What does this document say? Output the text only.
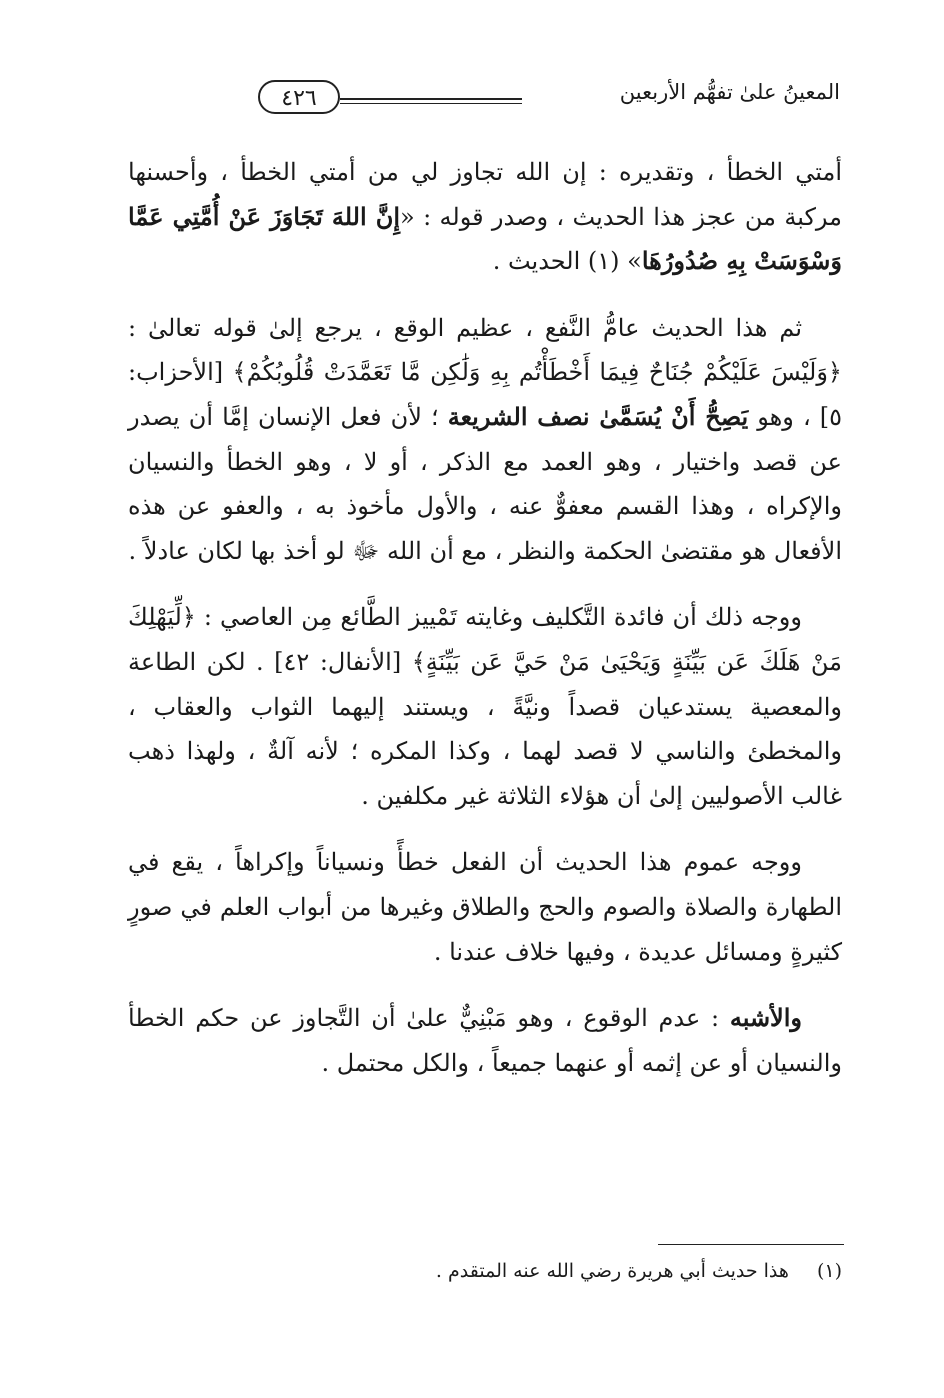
٤٢٦	المعينُ علىٰ تفهُّم الأربعين

أمتي الخطأ ، وتقديره : إن الله تجاوز لي من أمتي الخطأ ، وأحسنها مركبة من عجز هذا الحديث ، وصدر قوله : «إِنَّ اللهَ تَجَاوَزَ عَنْ أُمَّتِي عَمَّا وَسْوَسَتْ بِهِ صُدُورُهَا» (١) الحديث .

ثم هذا الحديث عامُّ النَّفع ، عظيم الوقع ، يرجع إلىٰ قوله تعالىٰ : ﴿وَلَيْسَ عَلَيْكُمْ جُنَاحٌ فِيمَا أَخْطَأْتُم بِهِ وَلَٰكِن مَّا تَعَمَّدَتْ قُلُوبُكُمْ﴾ [الأحزاب: ٥] ، وهو يَصِحُّ أَنْ يُسَمَّىٰ نصف الشريعة ؛ لأن فعل الإنسان إمَّا أن يصدر عن قصد واختيار ، وهو العمد مع الذكر ، أو لا ، وهو الخطأ والنسيان والإكراه ، وهذا القسم معفوٌّ عنه ، والأول مأخوذ به ، والعفو عن هذه الأفعال هو مقتضىٰ الحكمة والنظر ، مع أن الله ﷻ لو أخذ بها لكان عادلاً .

ووجه ذلك أن فائدة التَّكليف وغايته تَمْييز الطَّائع مِن العاصي : ﴿لِّيَهْلِكَ مَنْ هَلَكَ عَن بَيِّنَةٍ وَيَحْيَىٰ مَنْ حَيَّ عَن بَيِّنَةٍ﴾ [الأنفال: ٤٢] . لكن الطاعة والمعصية يستدعيان قصداً ونيَّةً ، ويستند إليهما الثواب والعقاب ، والمخطئ والناسي لا قصد لهما ، وكذا المكره ؛ لأنه آلةٌ ، ولهذا ذهب غالب الأصوليين إلىٰ أن هؤلاء الثلاثة غير مكلفين .

ووجه عموم هذا الحديث أن الفعل خطأً ونسياناً وإكراهاً ، يقع في الطهارة والصلاة والصوم والحج والطلاق وغيرها من أبواب العلم في صورٍ كثيرةٍ ومسائل عديدة ، وفيها خلاف عندنا .

والأشبه : عدم الوقوع ، وهو مَبْنِيٌّ علىٰ أن التَّجاوز عن حكم الخطأ والنسيان أو عن إثمه أو عنهما جميعاً ، والكل محتمل .

(١)هذا حديث أبي هريرة رضي الله عنه المتقدم .
